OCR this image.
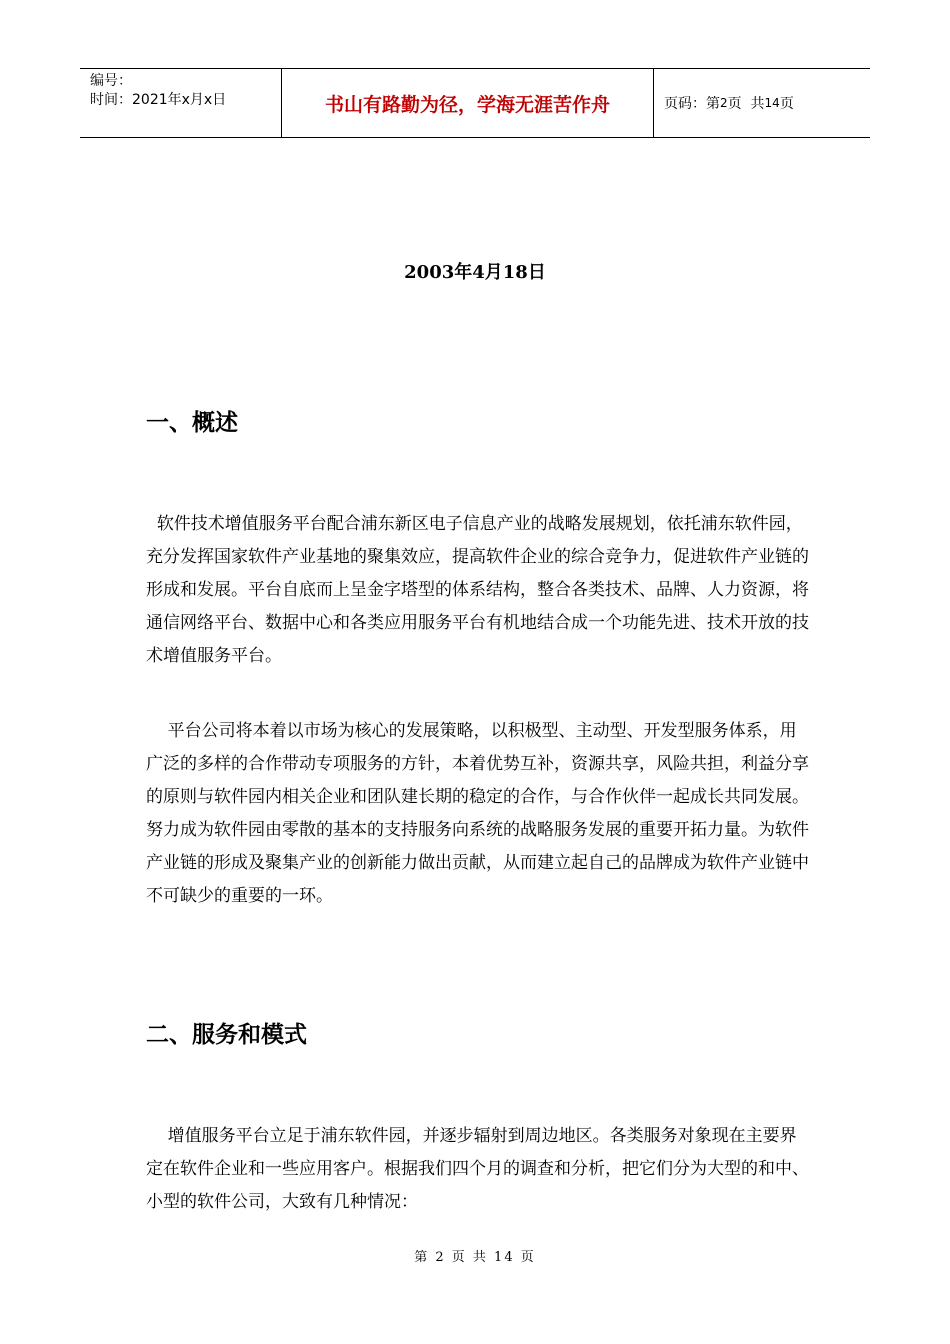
编号：
时间：2021年x月x日	书山有路勤为径，学海无涯苦作舟	页码：第 2 页  共 14 页
2003年4月18日
一、概述
软件技术增值服务平台配合浦东新区电子信息产业的战略发展规划，依托浦东软件园，充分发挥国家软件产业基地的聚集效应，提高软件企业的综合竞争力，促进软件产业链的形成和发展。平台自底而上呈金字塔型的体系结构，整合各类技术、品牌、人力资源，将通信网络平台、数据中心和各类应用服务平台有机地结合成一个功能先进、技术开放的技术增值服务平台。
平台公司将本着以市场为核心的发展策略，以积极型、主动型、开发型服务体系，用广泛的多样的合作带动专项服务的方针，本着优势互补，资源共享，风险共担，利益分享的原则与软件园内相关企业和团队建长期的稳定的合作，与合作伙伴一起成长共同发展。努力成为软件园由零散的基本的支持服务向系统的战略服务发展的重要开拓力量。为软件产业链的形成及聚集产业的创新能力做出贡献，从而建立起自己的品牌成为软件产业链中不可缺少的重要的一环。
二、服务和模式
增值服务平台立足于浦东软件园，并逐步辐射到周边地区。各类服务对象现在主要界定在软件企业和一些应用客户。根据我们四个月的调查和分析，把它们分为大型的和中、小型的软件公司，大致有几种情况：
第 2 页 共 14 页
